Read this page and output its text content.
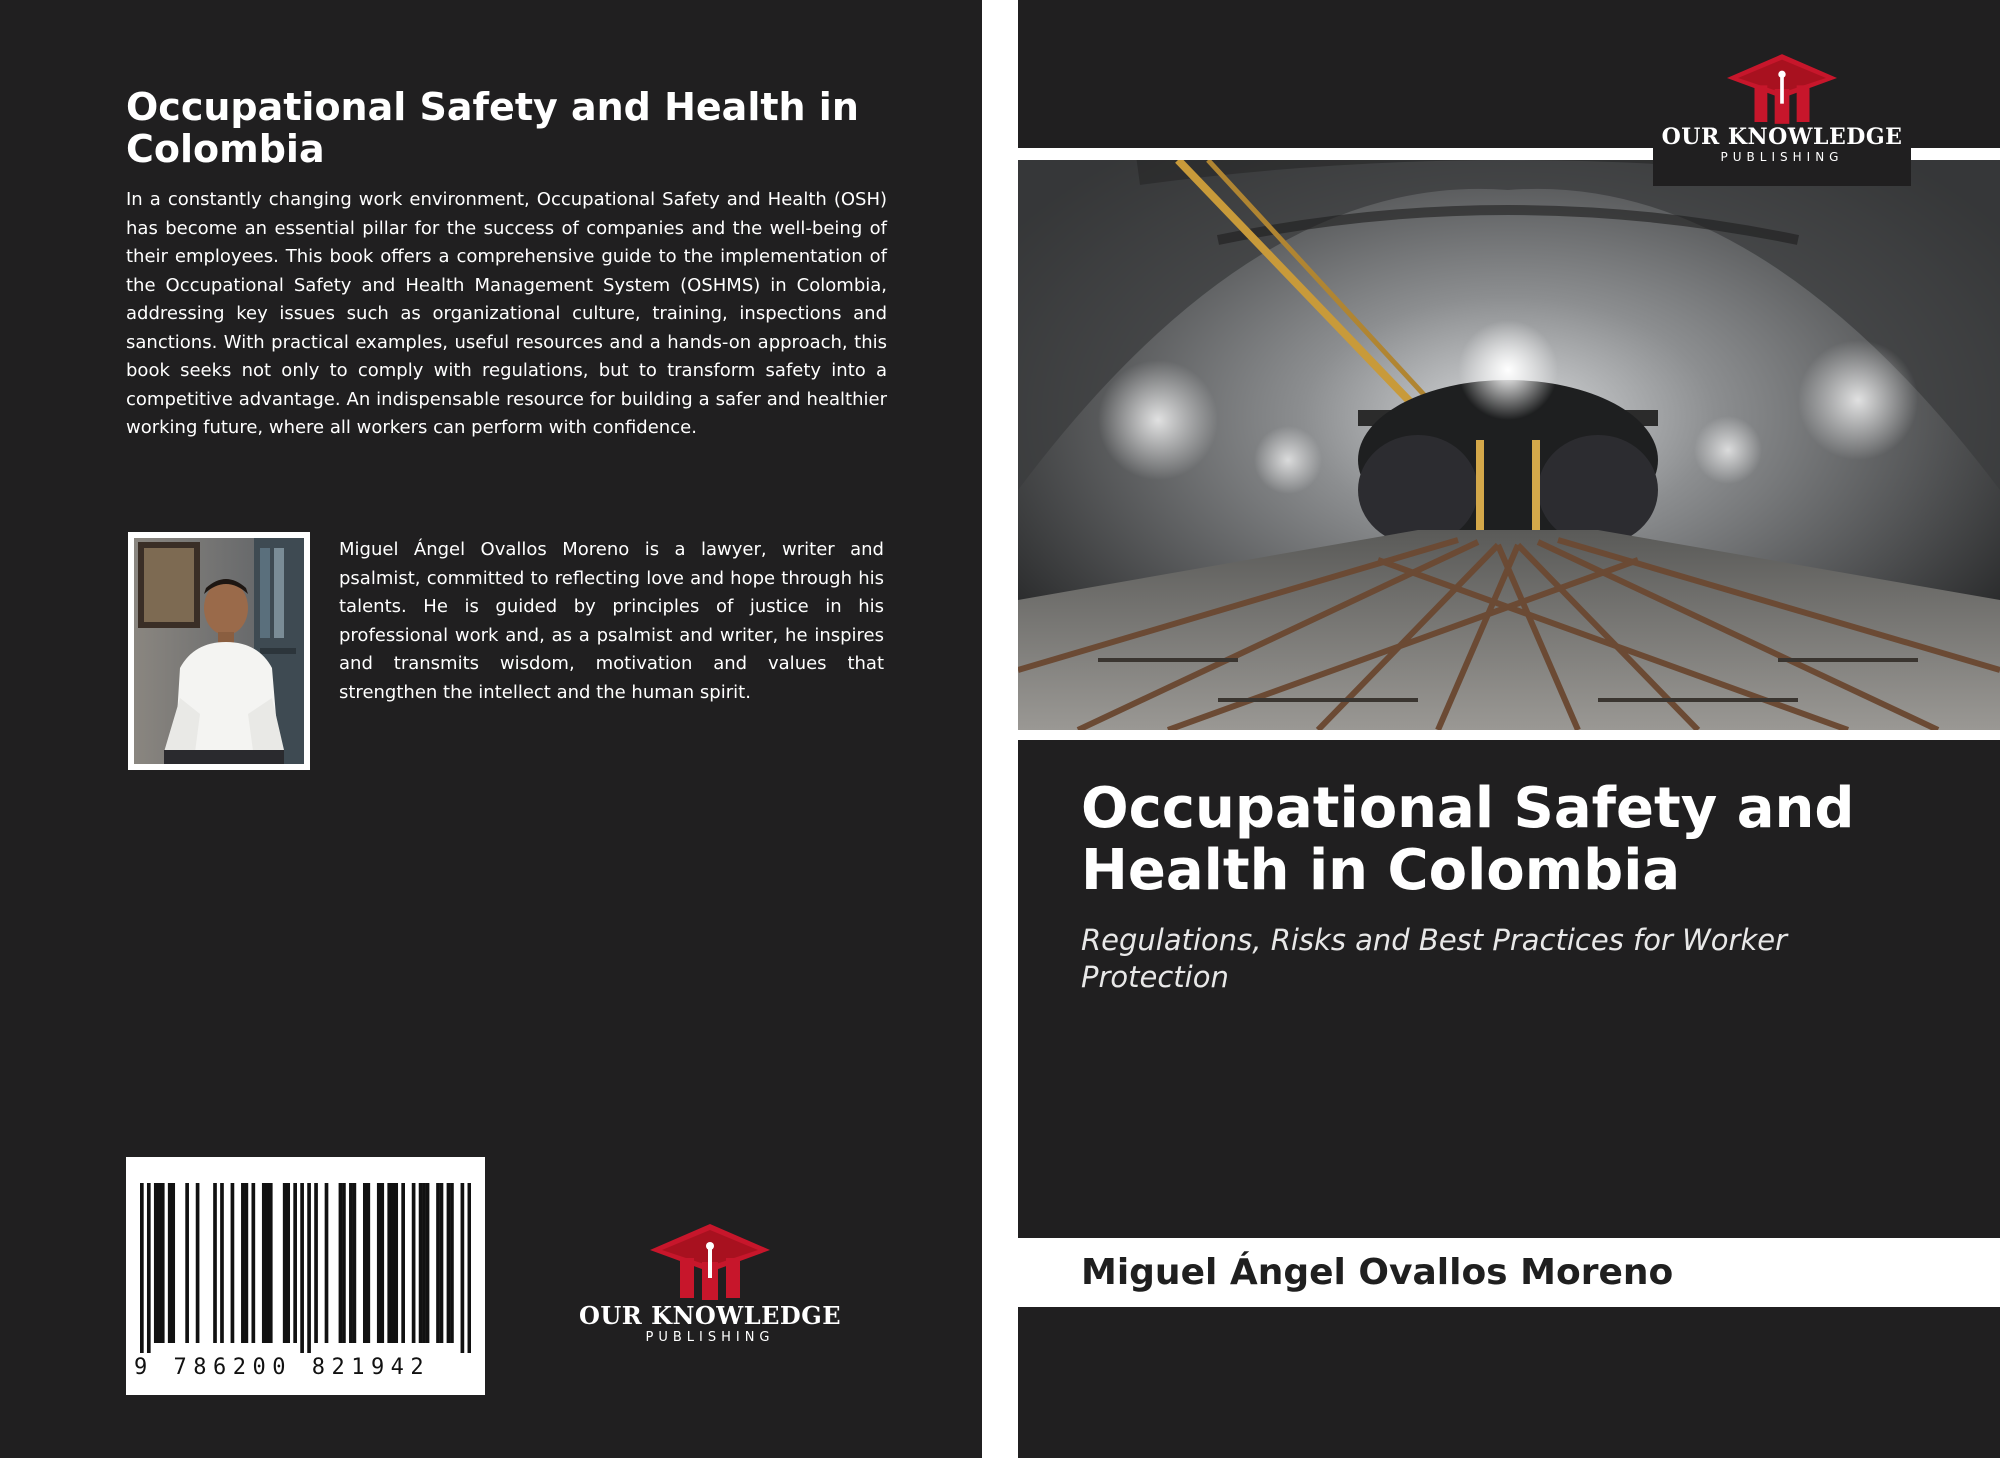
Occupational Safety and Health in Colombia

In a constantly changing work environment, Occupational Safety and Health (OSH) has become an essential pillar for the success of companies and the well-being of their employees. This book offers a comprehensive guide to the implementation of the Occupational Safety and Health Management System (OSHMS) in Colombia, addressing key issues such as organizational culture, training, inspections and sanctions. With practical examples, useful resources and a hands-on approach, this book seeks not only to comply with regulations, but to transform safety into a competitive advantage. An indispensable resource for building a safer and healthier working future, where all workers can perform with confidence.

Miguel Ángel Ovallos Moreno is a lawyer, writer and psalmist, committed to reflecting love and hope through his talents. He is guided by principles of justice in his professional work and, as a psalmist and writer, he inspires and transmits wisdom, motivation and values that strengthen the intellect and the human spirit.

9 786200 821942
OUR KNOWLEDGE
PUBLISHING
OUR KNOWLEDGE
PUBLISHING
Occupational Safety and Health in Colombia

Regulations, Risks and Best Practices for Worker Protection

Miguel Ángel Ovallos Moreno
